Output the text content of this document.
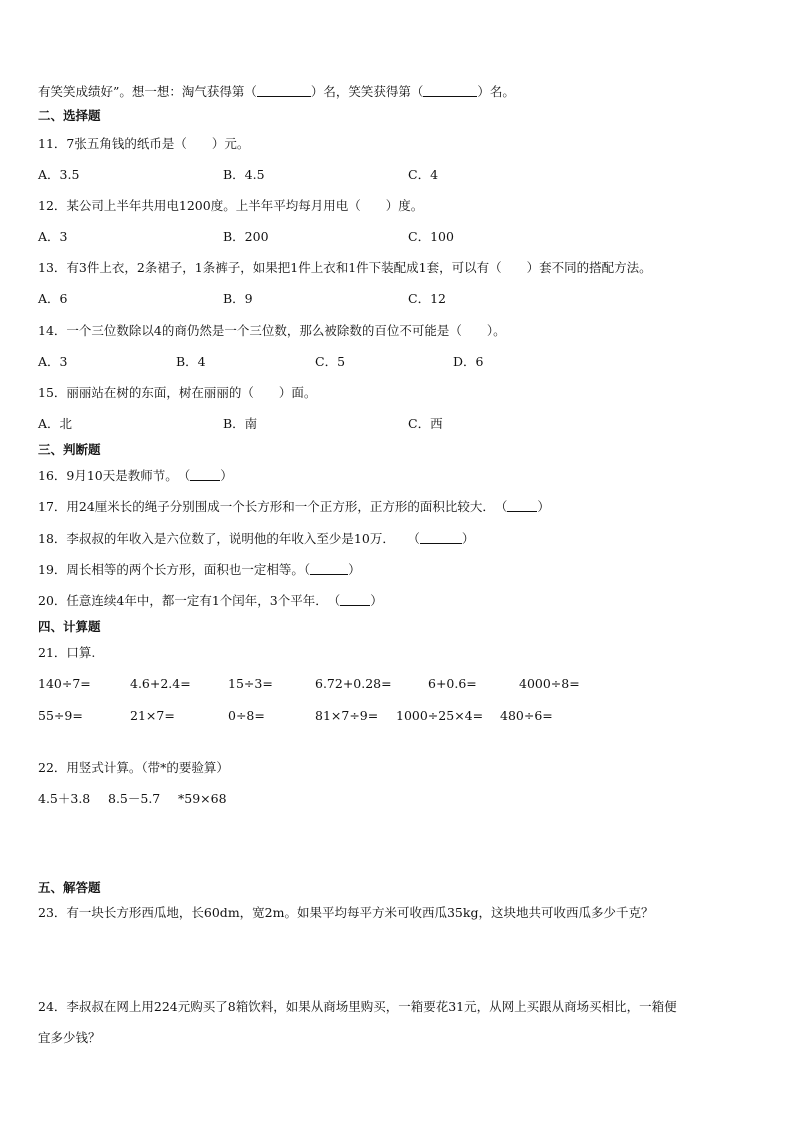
有笑笑成绩好”。想一想：淘气获得第（	）名，笑笑获得第（	）名。
二、选择题
11．7张五角钱的纸币是（　　）元。
A．3.5	B．4.5	C．4
12．某公司上半年共用电1200度。上半年平均每月用电（　　）度。
A．3	B．200	C．100
13．有3件上衣，2条裙子，1条裤子，如果把1件上衣和1件下装配成1套，可以有（　　）套不同的搭配方法。
A．6	B．9	C．12
14．一个三位数除以4的商仍然是一个三位数，那么被除数的百位不可能是（　　）。
A．3	B．4	C．5	D．6
15．丽丽站在树的东面，树在丽丽的（　　）面。
A．北	B．南	C．西
三、判断题
16．9月10天是教师节。　（ ）
17．用24厘米长的绳子分别围成一个长方形和一个正方形，正方形的面积比较大．　（ ）
18．李叔叔的年收入是六位数了，说明他的年收入至少是10万．　　（	）
19．周长相等的两个长方形，面积也一定相等。（	）
20．任意连续4年中，都一定有1个闰年，3个平年．　（ ）
四、计算题
21．口算.
140÷7=	4.6+2.4=	15÷3=	6.72+0.28=	6+0.6=	4000÷8=
55÷9=	21×7=	0÷8=	81×7÷9= 1000÷25×4= 480÷6=
22．用竖式计算。（带*的要验算）
4.5＋3.8 8.5－5.7 *59×68
五、解答题
23．有一块长方形西瓜地，长60dm，宽2m。如果平均每平方米可收西瓜35kg，这块地共可收西瓜多少千克？
24．李叔叔在网上用224元购买了8箱饮料，如果从商场里购买，一箱要花31元，从网上买跟从商场买相比，一箱便
宜多少钱？
